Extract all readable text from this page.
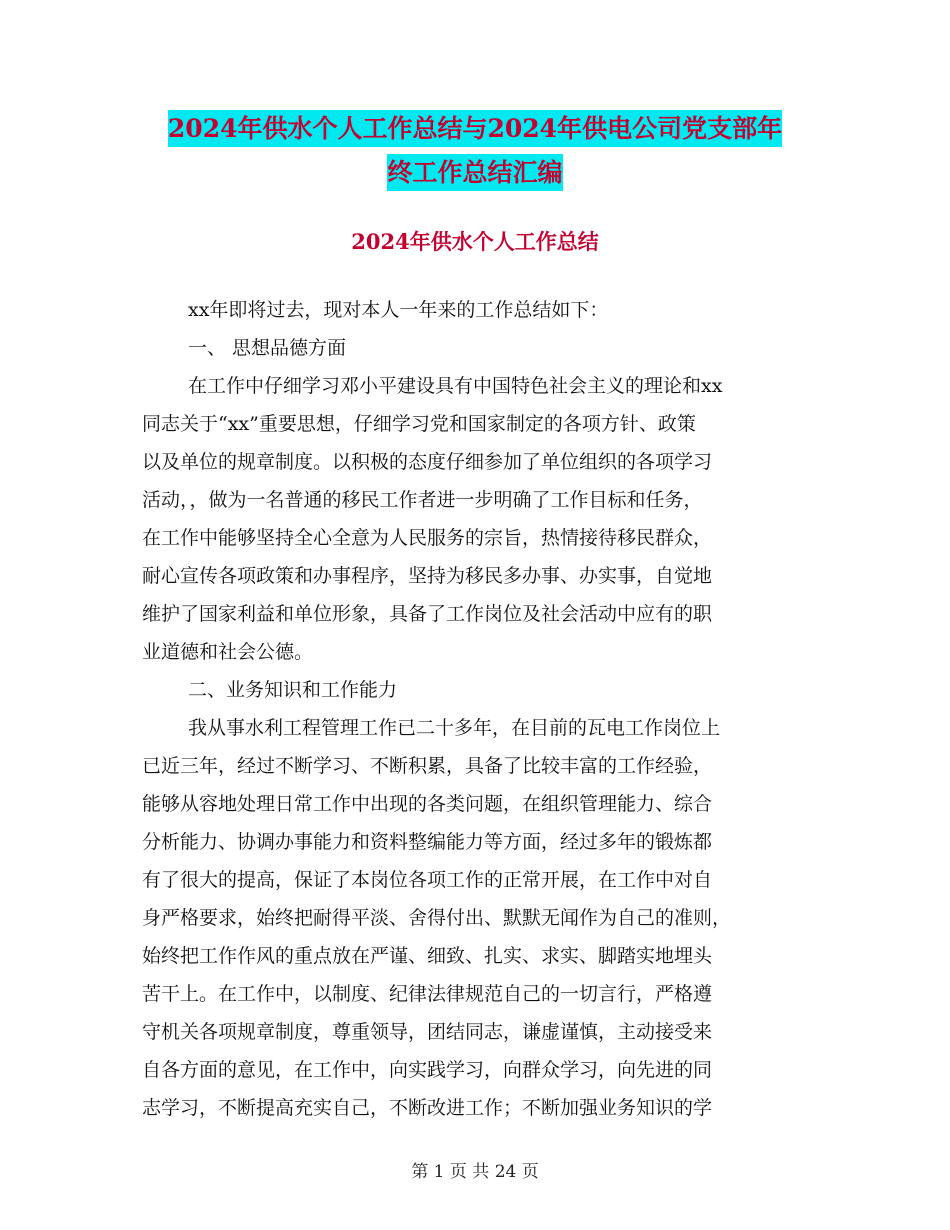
2024年供水个人工作总结与2024年供电公司党支部年
终工作总结汇编
2024年供水个人工作总结
xx年即将过去，现对本人一年来的工作总结如下：
一、 思想品德方面
在工作中仔细学习邓小平建设具有中国特色社会主义的理论和xx
同志关于“xx”重要思想，仔细学习党和国家制定的各项方针、政策
以及单位的规章制度。以积极的态度仔细参加了单位组织的各项学习
活动，，做为一名普通的移民工作者进一步明确了工作目标和任务，
在工作中能够坚持全心全意为人民服务的宗旨，热情接待移民群众，
耐心宣传各项政策和办事程序，坚持为移民多办事、办实事，自觉地
维护了国家利益和单位形象，具备了工作岗位及社会活动中应有的职
业道德和社会公德。
二、业务知识和工作能力
我从事水利工程管理工作已二十多年，在目前的瓦电工作岗位上
已近三年，经过不断学习、不断积累，具备了比较丰富的工作经验，
能够从容地处理日常工作中出现的各类问题，在组织管理能力、综合
分析能力、协调办事能力和资料整编能力等方面，经过多年的锻炼都
有了很大的提高，保证了本岗位各项工作的正常开展，在工作中对自
身严格要求，始终把耐得平淡、舍得付出、默默无闻作为自己的准则，
始终把工作作风的重点放在严谨、细致、扎实、求实、脚踏实地埋头
苦干上。在工作中，以制度、纪律法律规范自己的一切言行，严格遵
守机关各项规章制度，尊重领导，团结同志，谦虚谨慎，主动接受来
自各方面的意见，在工作中，向实践学习，向群众学习，向先进的同
志学习，不断提高充实自己，不断改进工作；不断加强业务知识的学
第 1 页 共 24 页
